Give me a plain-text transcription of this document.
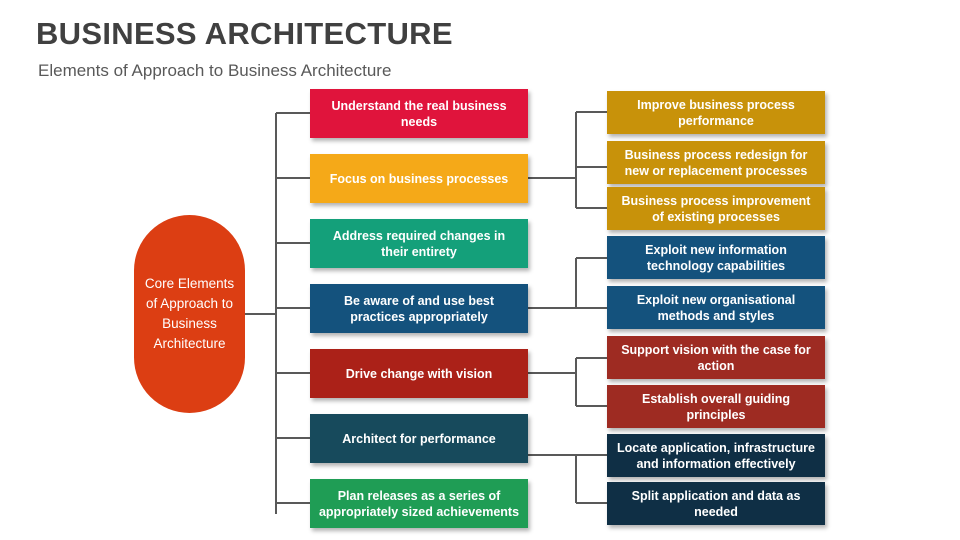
BUSINESS ARCHITECTURE
Elements of Approach to Business Architecture
Core Elements of Approach to Business Architecture
Understand the real business needs
Focus on business processes
Address required changes in their entirety
Be aware of and use best practices appropriately
Drive change with vision
Architect for performance
Plan releases as a series of appropriately sized achievements
Improve business process performance
Business process redesign for new or replacement processes
Business process improvement of existing processes
Exploit new information technology capabilities
Exploit new organisational methods and styles
Support vision with the case for action
Establish overall guiding principles
Locate application, infrastructure and information effectively
Split application and data as needed
